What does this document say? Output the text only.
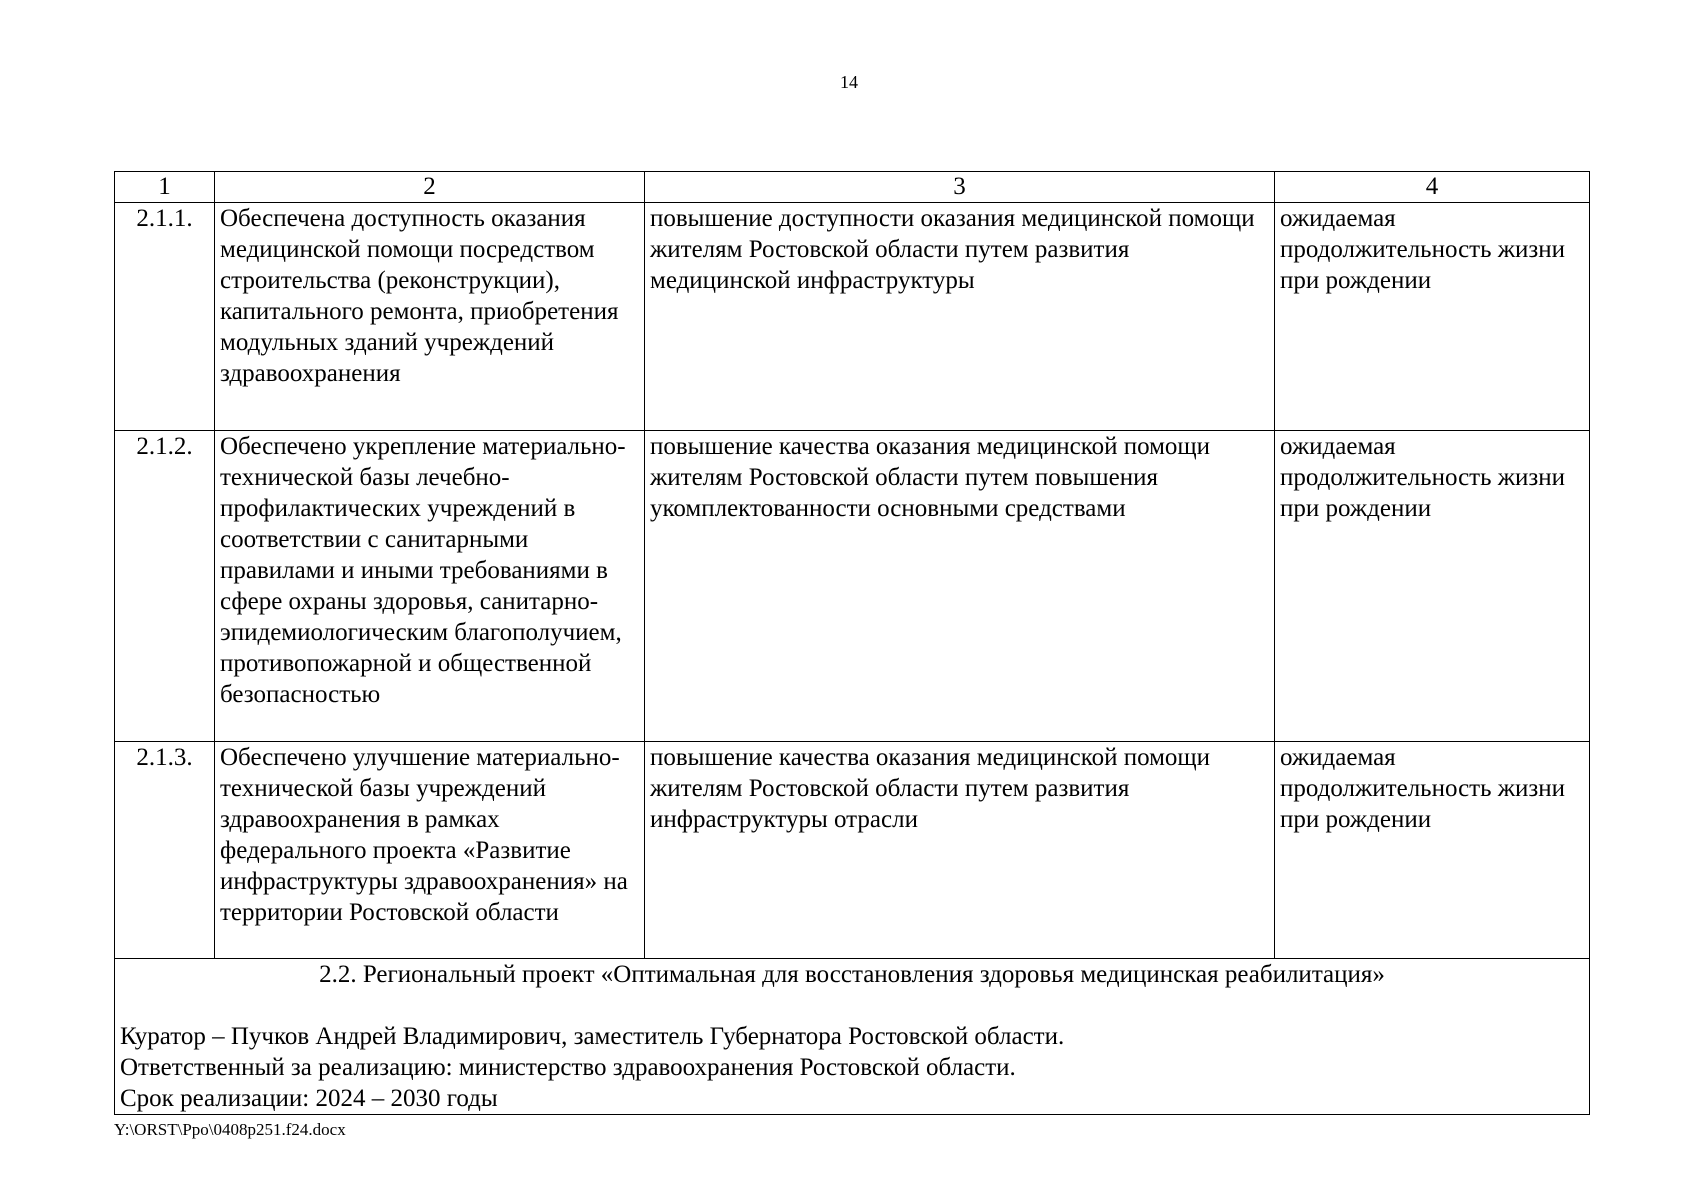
14
1	2	3	4
2.1.1.	Обеспечена доступность оказания медицинской помощи посредством строительства (реконструкции), капитального ремонта, приобретения модульных зданий учреждений здравоохранения	повышение доступности оказания медицинской помощи жителям Ростовской области путем развития медицинской инфраструктуры	ожидаемая продолжительность жизни при рождении
2.1.2.	Обеспечено укрепление материально-технической базы лечебно-профилактических учреждений в соответствии с санитарными правилами и иными требованиями в сфере охраны здоровья, санитарно-эпидемиологическим благополучием, противопожарной и общественной безопасностью	повышение качества оказания медицинской помощи жителям Ростовской области путем повышения укомплектованности основными средствами	ожидаемая продолжительность жизни при рождении
2.1.3.	Обеспечено улучшение материально-технической базы учреждений здравоохранения в рамках федерального проекта «Развитие инфраструктуры здравоохранения» на территории Ростовской области	повышение качества оказания медицинской помощи жителям Ростовской области путем развития инфраструктуры отрасли	ожидаемая продолжительность жизни при рождении

2.2. Региональный проект «Оптимальная для восстановления здоровья медицинская реабилитация»
Куратор – Пучков Андрей Владимирович, заместитель Губернатора Ростовской области.
Ответственный за реализацию: министерство здравоохранения Ростовской области.
Срок реализации: 2024 – 2030 годы			
Y:\ORST\Ppo\0408p251.f24.docx
